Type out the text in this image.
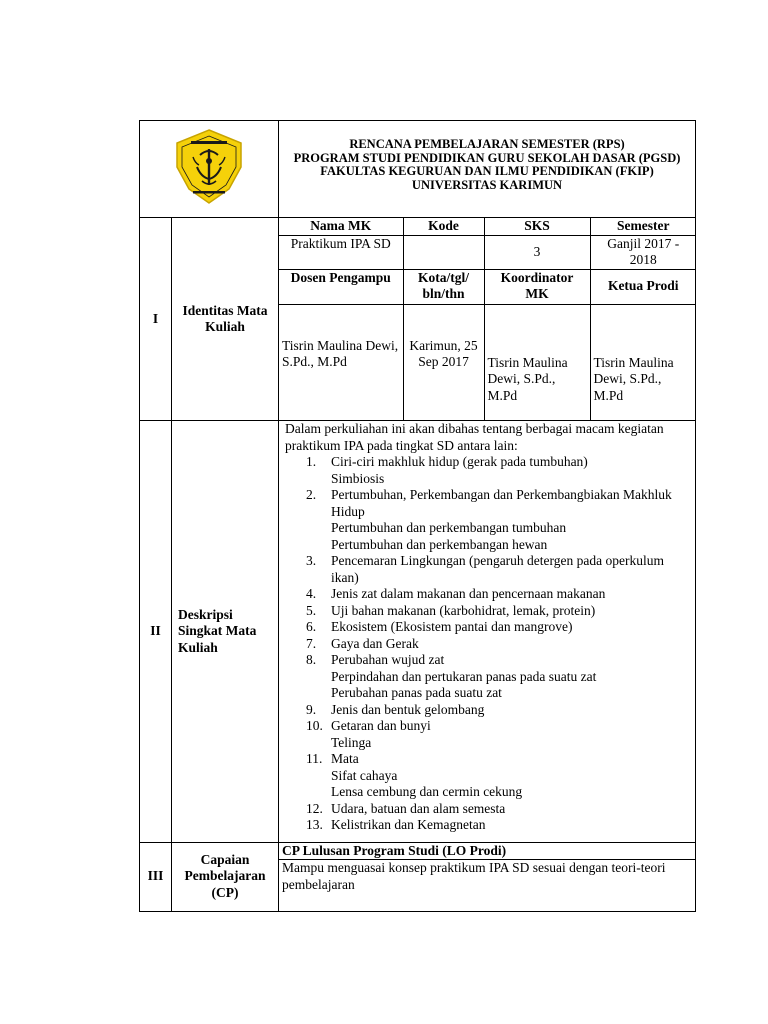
RENCANA PEMBELAJARAN SEMESTER (RPS)
PROGRAM STUDI PENDIDIKAN GURU SEKOLAH DASAR (PGSD)
FAKULTAS KEGURUAN DAN ILMU PENDIDIKAN (FKIP)
UNIVERSITAS KARIMUN

I	Identitas Mata Kuliah	
Nama MK	Kode	SKS	Semester
Praktikum IPA SD		3	Ganjil 2017 - 2018
Dosen Pengampu	Kota/tgl/ bln/thn	Koordinator MK	Ketua Prodi
Tisrin Maulina Dewi, S.Pd., M.Pd	Karimun, 25 Sep 2017	Tisrin Maulina Dewi, S.Pd., M.Pd	Tisrin Maulina Dewi, S.Pd., M.Pd

II	Deskripsi Singkat Mata Kuliah	
Dalam perkuliahan ini akan dibahas tentang berbagai macam kegiatan praktikum IPA pada tingkat SD antara lain:
1.	Ciri-ciri makhluk hidup (gerak pada tumbuhan)
Simbiosis
2.	Pertumbuhan, Perkembangan dan Perkembangbiakan Makhluk Hidup
Pertumbuhan dan perkembangan tumbuhan
Pertumbuhan dan perkembangan hewan
3.	Pencemaran Lingkungan (pengaruh detergen pada operkulum ikan)
4.	Jenis zat dalam makanan dan pencernaan makanan
5.	Uji bahan makanan (karbohidrat, lemak, protein)
6.	Ekosistem (Ekosistem pantai dan mangrove)
7.	Gaya dan Gerak
8.	Perubahan wujud zat
Perpindahan dan pertukaran panas pada suatu zat
Perubahan panas pada suatu zat
9.	Jenis dan bentuk gelombang
10. Getaran dan bunyi
Telinga
11. Mata
Sifat cahaya
Lensa cembung dan cermin cekung
12. Udara, batuan dan alam semesta
13. Kelistrikan dan Kemagnetan

III	Capaian Pembelajaran (CP)	
CP Lulusan Program Studi (LO Prodi)
Mampu menguasai konsep praktikum IPA SD sesuai dengan teori-teori pembelajaran
